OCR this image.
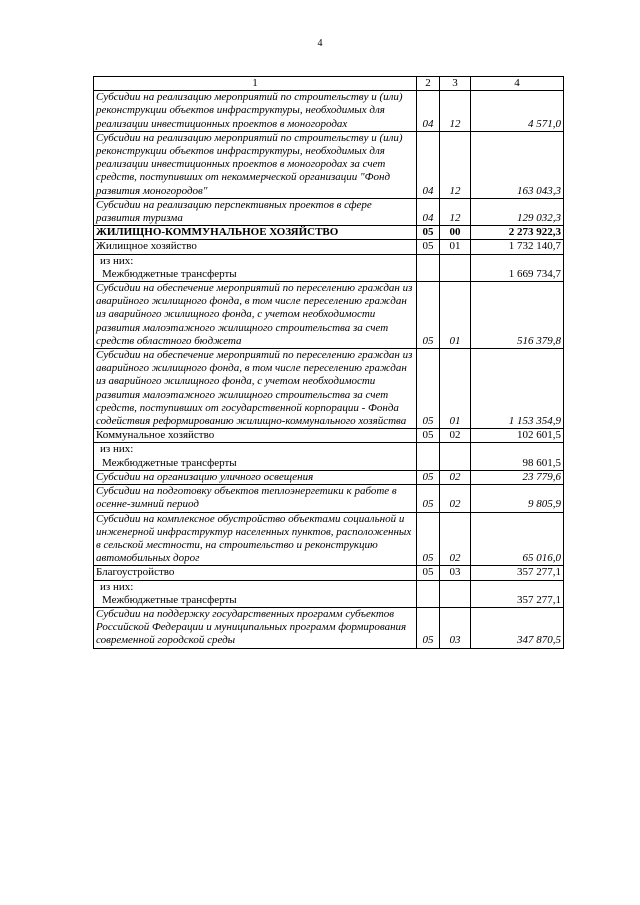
4
1	2	3	4
Субсидии на реализацию мероприятий по строительству и (или) реконструкции объектов инфраструктуры, необходимых для реализации инвестиционных проектов в моногородах	04	12	4 571,0
Субсидии на реализацию мероприятий по строительству и (или) реконструкции объектов инфраструктуры, необходимых для реализации инвестиционных проектов в моногородах за счет средств, поступивших от некоммерческой организации "Фонд развития моногородов"	04	12	163 043,3
Субсидии на реализацию перспективных проектов в сфере развития туризма	04	12	129 032,3
ЖИЛИЩНО-КОММУНАЛЬНОЕ ХОЗЯЙСТВО	05	00	2 273 922,3
Жилищное хозяйство	05	01	1 732 140,7

из них:
Межбюджетные трансферты			1 669 734,7
Субсидии на обеспечение мероприятий по переселению граждан из аварийного жилищного фонда, в том числе переселению граждан из аварийного жилищного фонда, с учетом необходимости развития малоэтажного жилищного строительства за счет средств областного бюджета	05	01	516 379,8
Субсидии на обеспечение мероприятий по переселению граждан из аварийного жилищного фонда, в том числе переселению граждан из аварийного жилищного фонда, с учетом необходимости развития малоэтажного жилищного строительства за счет средств, поступивших от государственной корпорации - Фонда содействия реформированию жилищно-коммунального хозяйства	05	01	1 153 354,9
Коммунальное хозяйство	05	02	102 601,5

из них:
Межбюджетные трансферты			98 601,5
Субсидии на организацию уличного освещения	05	02	23 779,6
Субсидии на подготовку объектов теплоэнергетики к работе в осенне-зимний период	05	02	9 805,9
Субсидии на комплексное обустройство объектами социальной и инженерной инфраструктур населенных пунктов, расположенных в сельской местности, на строительство и реконструкцию автомобильных дорог	05	02	65 016,0
Благоустройство	05	03	357 277,1

из них:
Межбюджетные трансферты			357 277,1
Субсидии на поддержку государственных программ субъектов Российской Федерации и муниципальных программ формирования современной городской среды	05	03	347 870,5
